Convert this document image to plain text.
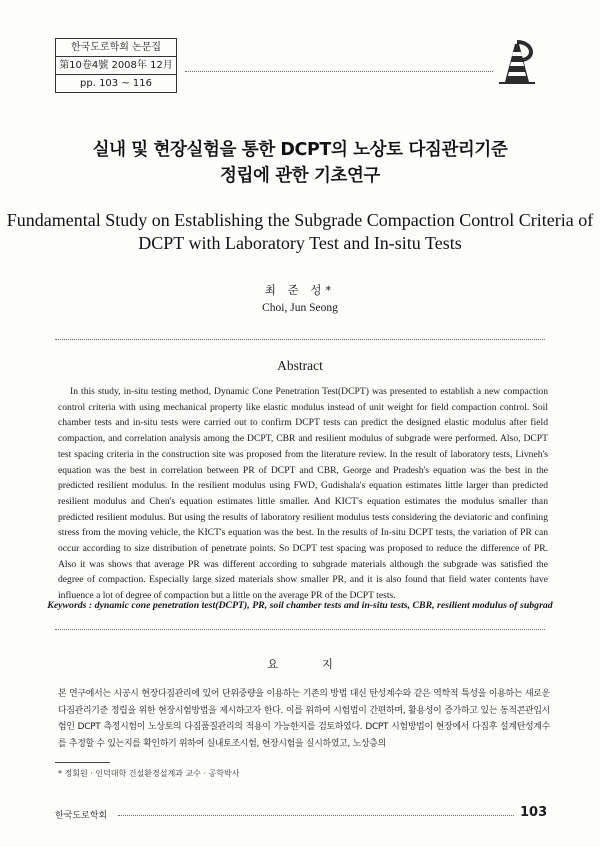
한국도로학회 논문집
第10卷4號 2008年 12月
pp. 103 ~ 116
실내 및 현장실험을 통한 DCPT의 노상토 다짐관리기준
정립에 관한 기초연구
Fundamental Study on Establishing the Subgrade Compaction Control Criteria of
DCPT with Laboratory Test and In-situ Tests
최 준 성*
Choi, Jun Seong
Abstract

In this study, in-situ testing method, Dynamic Cone Penetration Test(DCPT) was presented to establish a new compaction control criteria with using mechanical property like elastic modulus instead of unit weight for field compaction control. Soil chamber tests and in-situ tests were carried out to confirm DCPT tests can predict the designed elastic modulus after field compaction, and correlation analysis among the DCPT, CBR and resilient modulus of subgrade were performed. Also, DCPT test spacing criteria in the construction site was proposed from the literature review. In the result of laboratory tests, Livneh's equation was the best in correlation between PR of DCPT and CBR, George and Pradesh's equation was the best in the predicted resilient modulus. In the resilient modulus using FWD, Gudishala's equation estimates little larger than predicted resilient modulus and Chen's equation estimates little smaller. And KICT's equation estimates the modulus smaller than predicted resilient modulus. But using the results of laboratory resilient modulus tests considering the deviatoric and confining stress from the moving vehicle, the KICT's equation was the best. In the results of In-situ DCPT tests, the variation of PR can occur according to size distribution of penetrate points. So DCPT test spacing was proposed to reduce the difference of PR. Also it was shows that average PR was different according to subgrade materials although the subgrade was satisfied the degree of compaction. Especially large sized materials show smaller PR, and it is also found that field water contents have influence a lot of degree of compaction but a little on the average PR of the DCPT tests.

Keywords : dynamic cone penetration test(DCPT), PR, soil chamber tests and in-situ tests, CBR, resilient modulus of subgrad
요 지

본 연구에서는 시공시 현장다짐관리에 있어 단위중량을 이용하는 기존의 방법 대신 탄성계수와 같은 역학적 특성을 이용하는 새로운 다짐관리기준 정립을 위한 현장시험방법을 제시하고자 한다. 이를 위하여 시험법이 간편하며, 활용성이 증가하고 있는 동적콘관입시험인 DCPT 측정시험이 노상토의 다짐품질관리의 적용이 가능한지를 검토하였다. DCPT 시험방법이 현장에서 다짐후 설계탄성계수를 추정할 수 있는지를 확인하기 위하여 실내토조시험, 현장시험을 실시하였고, 노상층의

* 정회원 · 인덕대학 건설환경설계과 교수 · 공학박사
한국도로학회	103
